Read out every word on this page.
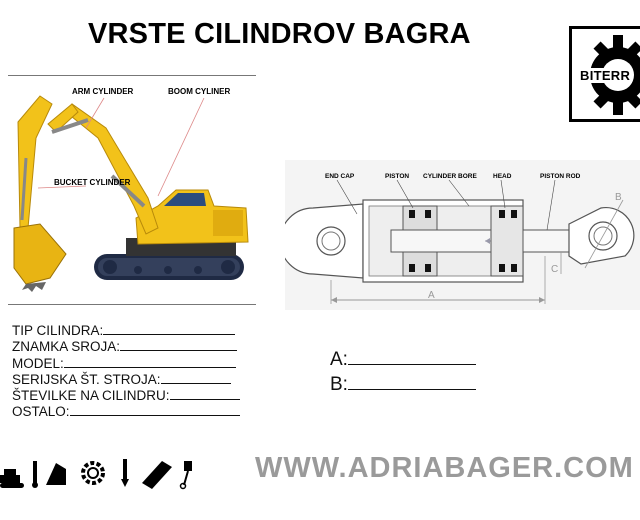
VRSTE CILINDROV BAGRA
BITERR
ARM CYLINDER	BOOM CYLINER
BUCKET CYLINDER
END CAP	PISTON CYLINDER BORE HEAD	PISTON ROD
A
B
C
TIP CILINDRA:
ZNAMKA SROJA:
MODEL:
SERIJSKA ŠT. STROJA:
ŠTEVILKE NA CILINDRU:
OSTALO:
A:
B:
WWW.ADRIABAGER.COM
